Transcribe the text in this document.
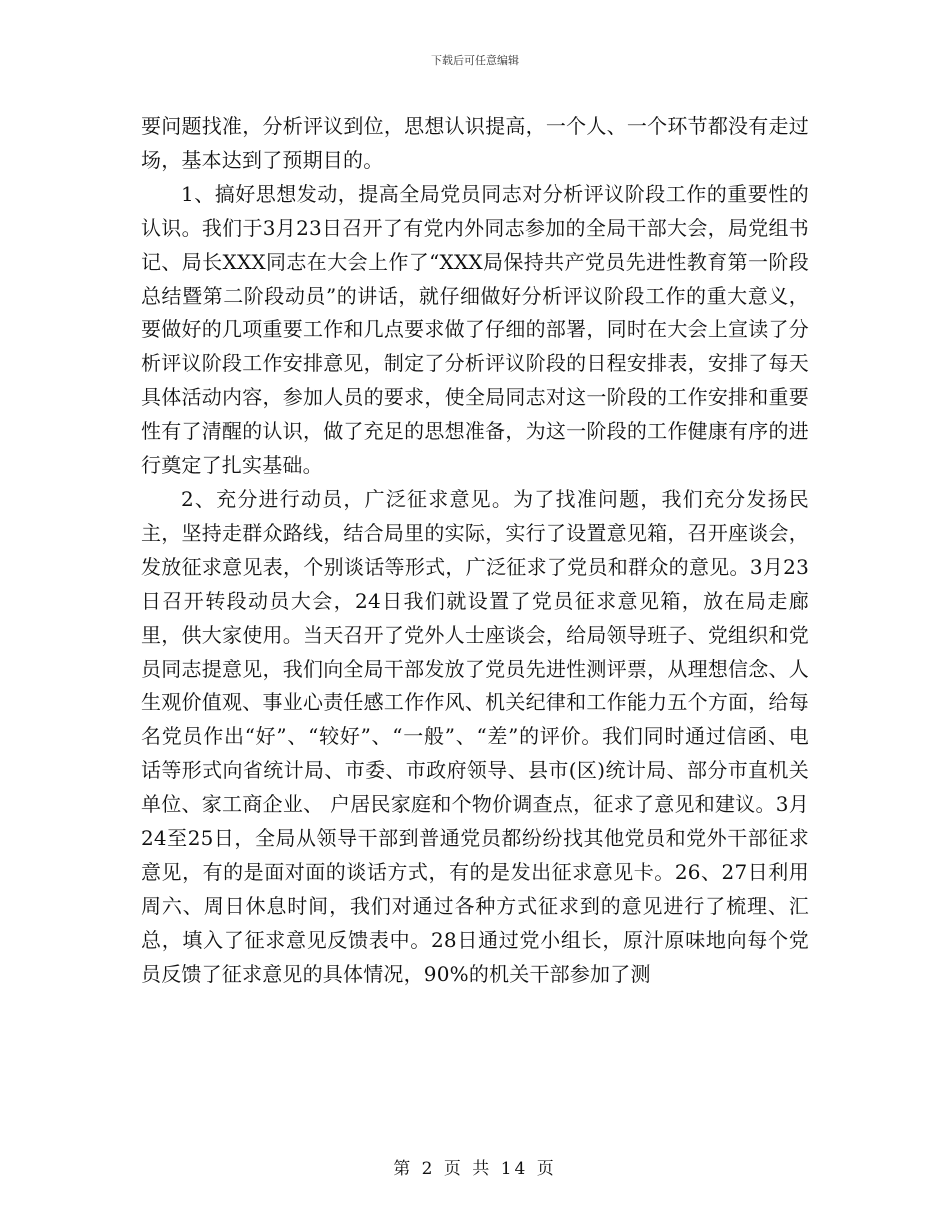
下载后可任意编辑

要问题找准，分析评议到位，思想认识提高，一个人、一个环节都没有走过场，基本达到了预期目的。

1、搞好思想发动，提高全局党员同志对分析评议阶段工作的重要性的认识。我们于3月23日召开了有党内外同志参加的全局干部大会，局党组书记、局长XXX同志在大会上作了“XXX局保持共产党员先进性教育第一阶段总结暨第二阶段动员”的讲话，就仔细做好分析评议阶段工作的重大意义，要做好的几项重要工作和几点要求做了仔细的部署，同时在大会上宣读了分析评议阶段工作安排意见，制定了分析评议阶段的日程安排表，安排了每天具体活动内容，参加人员的要求，使全局同志对这一阶段的工作安排和重要性有了清醒的认识，做了充足的思想准备，为这一阶段的工作健康有序的进行奠定了扎实基础。

2、充分进行动员，广泛征求意见。为了找准问题，我们充分发扬民主，坚持走群众路线，结合局里的实际，实行了设置意见箱，召开座谈会，发放征求意见表，个别谈话等形式，广泛征求了党员和群众的意见。3月23日召开转段动员大会，24日我们就设置了党员征求意见箱，放在局走廊里，供大家使用。当天召开了党外人士座谈会，给局领导班子、党组织和党员同志提意见，我们向全局干部发放了党员先进性测评票，从理想信念、人生观价值观、事业心责任感工作作风、机关纪律和工作能力五个方面，给每名党员作出“好”、“较好”、“一般”、“差”的评价。我们同时通过信函、电话等形式向省统计局、市委、市政府领导、县市(区)统计局、部分市直机关单位、家工商企业、 户居民家庭和个物价调查点，征求了意见和建议。3月24至25日，全局从领导干部到普通党员都纷纷找其他党员和党外干部征求意见，有的是面对面的谈话方式，有的是发出征求意见卡。26、27日利用周六、周日休息时间，我们对通过各种方式征求到的意见进行了梳理、汇总，填入了征求意见反馈表中。28日通过党小组长，原汁原味地向每个党员反馈了征求意见的具体情况，90%的机关干部参加了测

第 2 页 共 14 页
